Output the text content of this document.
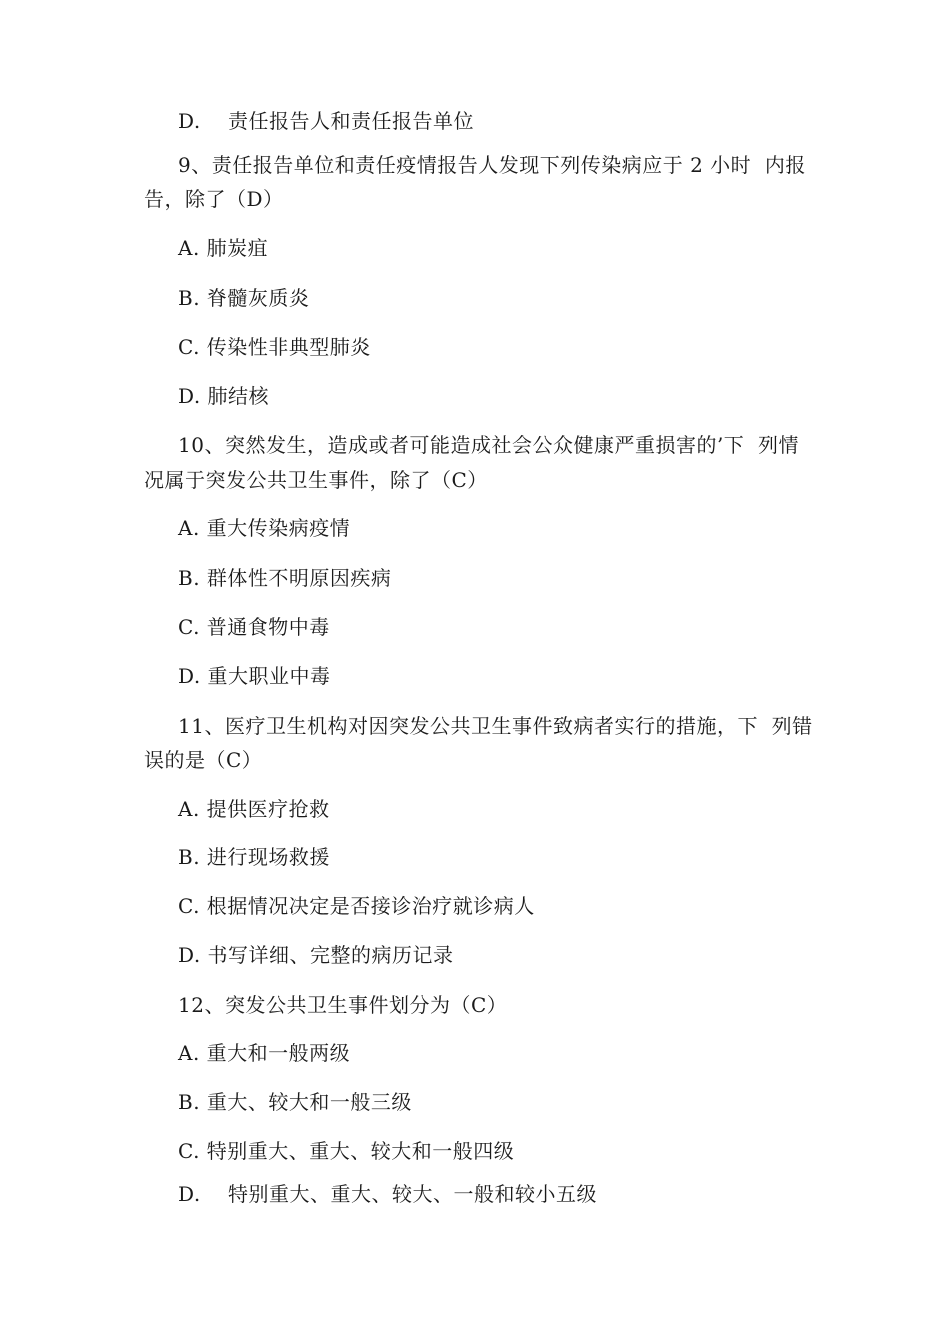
D.　 责任报告人和责任报告单位
9、责任报告单位和责任疫情报告人发现下列传染病应于 2 小时  内报
告，除了（D）
A. 肺炭疽
B. 脊髓灰质炎
C. 传染性非典型肺炎
D. 肺结核
10、突然发生，造成或者可能造成社会公众健康严重损害的’下  列情
况属于突发公共卫生事件，除了（C）
A. 重大传染病疫情
B. 群体性不明原因疾病
C. 普通食物中毒
D. 重大职业中毒
11、医疗卫生机构对因突发公共卫生事件致病者实行的措施，下  列错
误的是（C）
A. 提供医疗抢救
B. 进行现场救援
C. 根据情况决定是否接诊治疗就诊病人
D. 书写详细、完整的病历记录
12、突发公共卫生事件划分为（C）
A. 重大和一般两级
B. 重大、较大和一般三级
C. 特别重大、重大、较大和一般四级
D.　 特别重大、重大、较大、一般和较小五级
